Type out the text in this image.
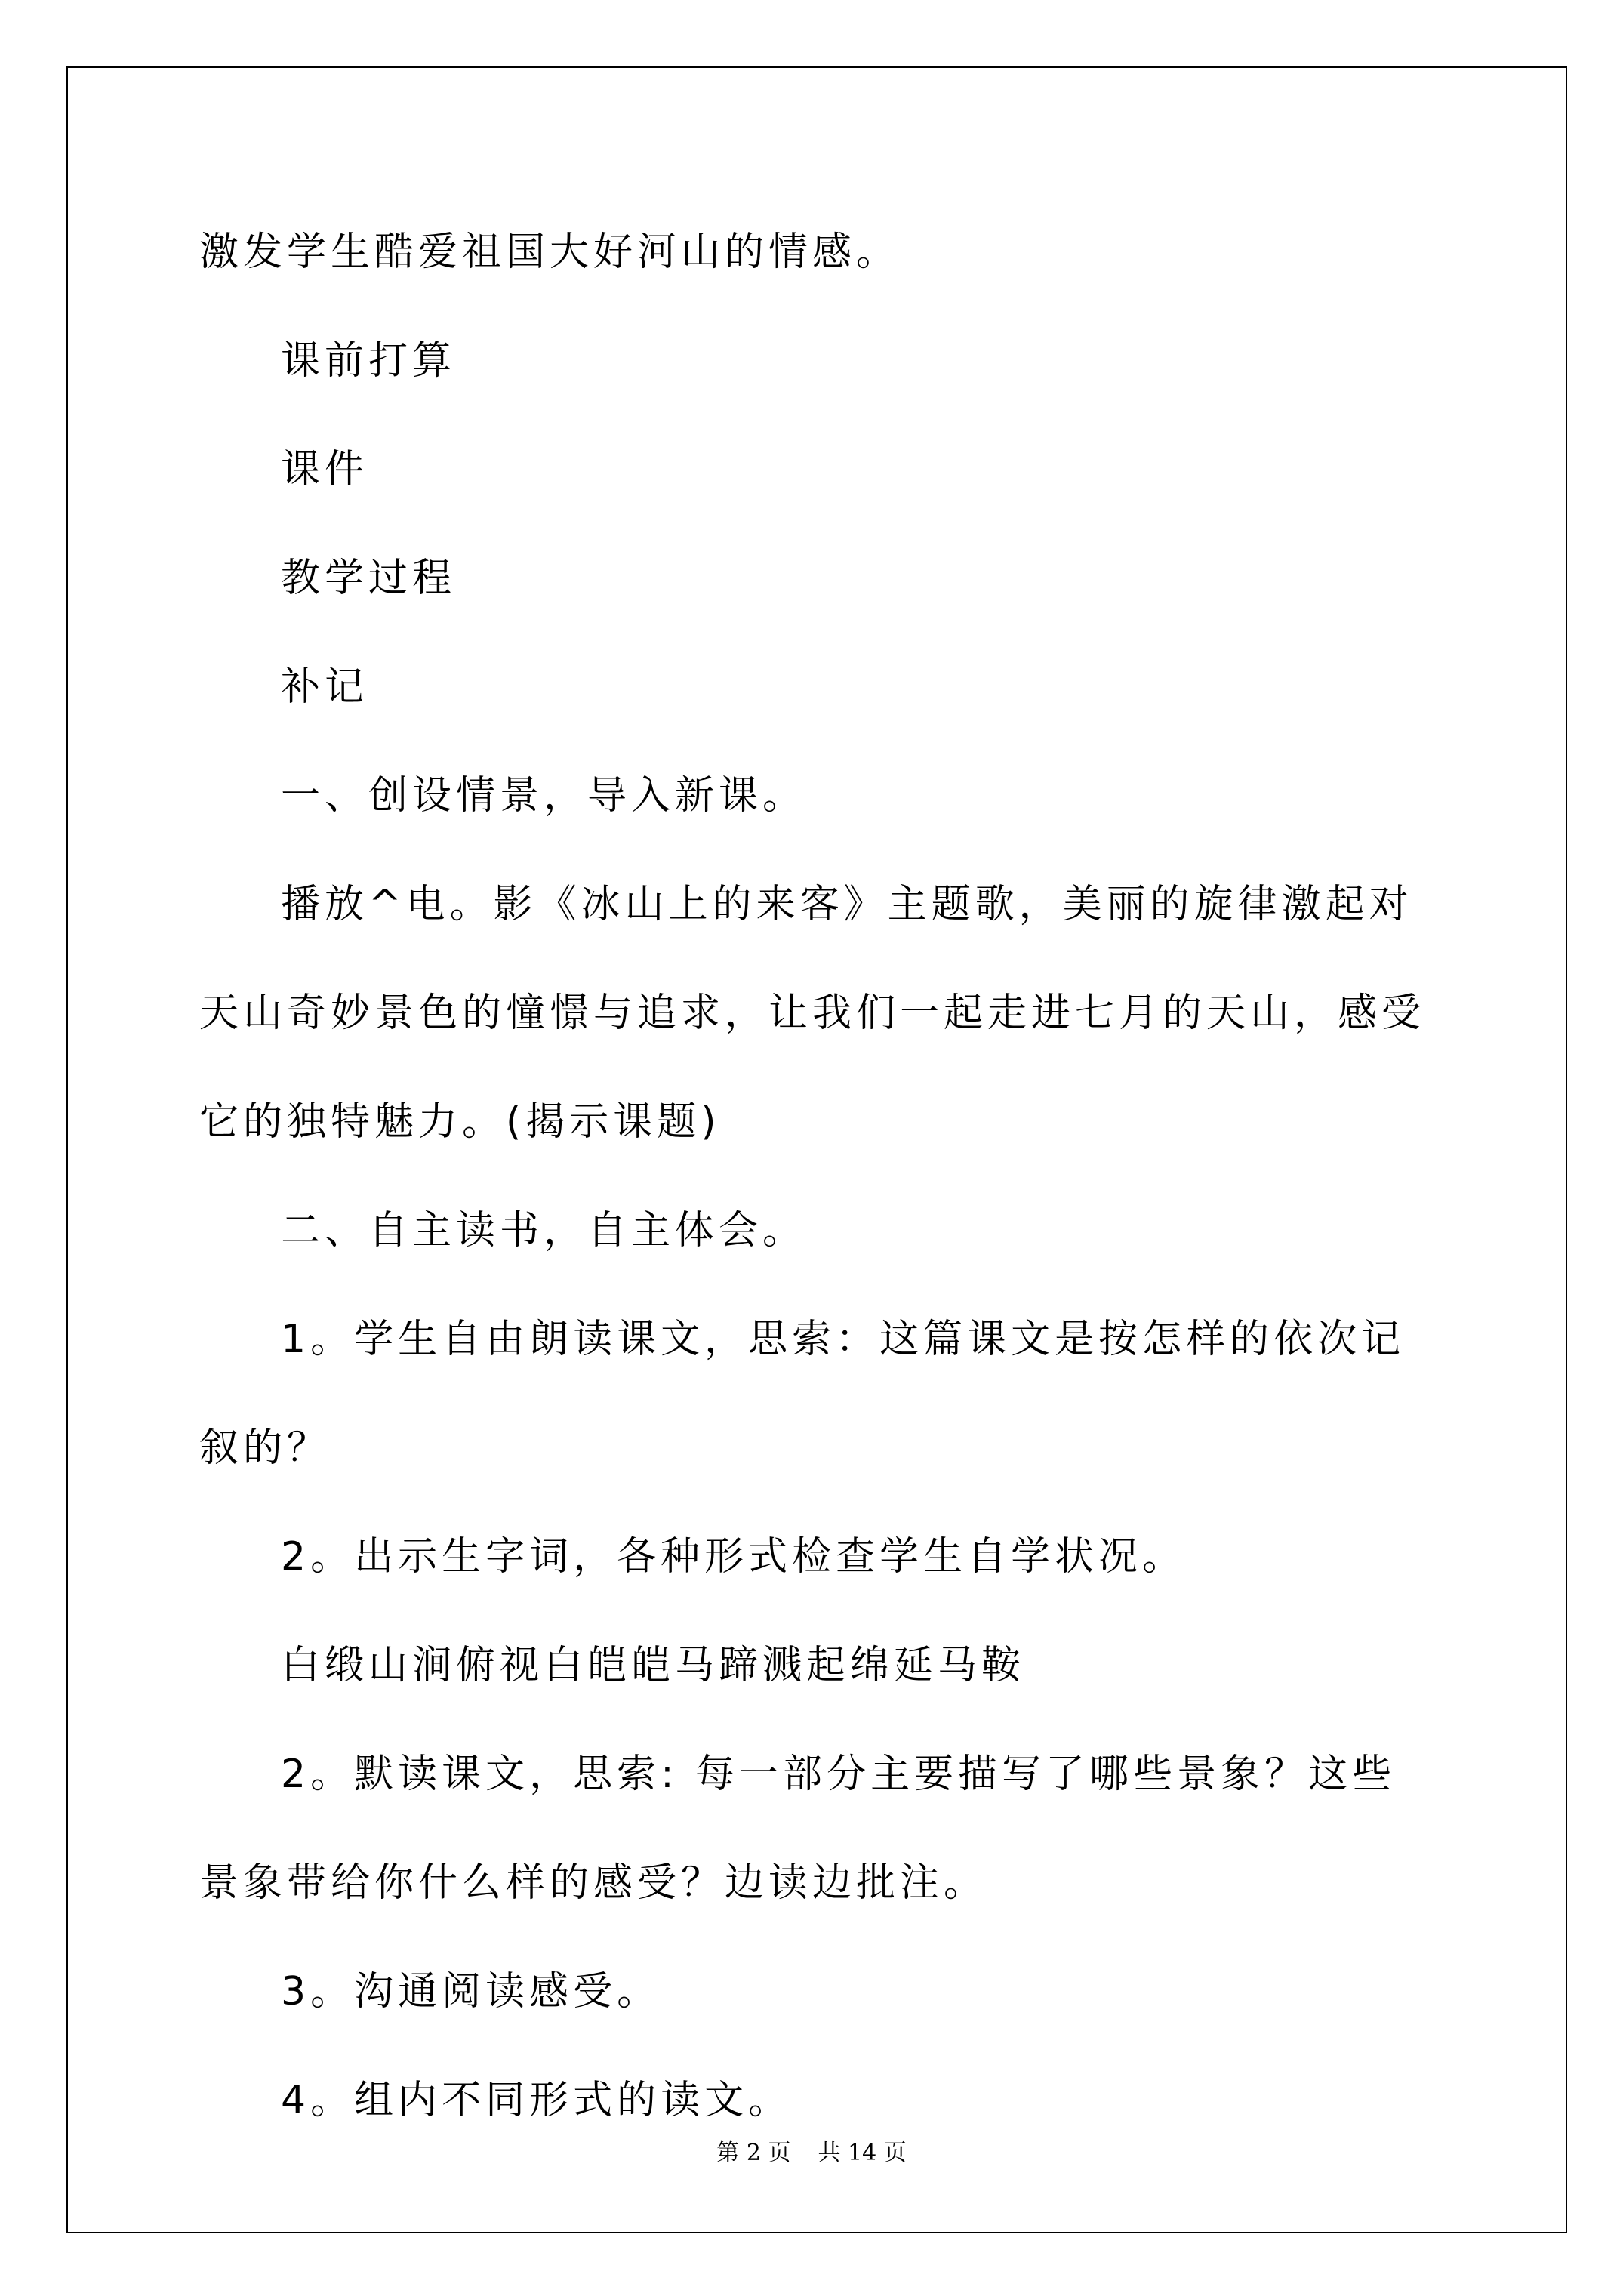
激发学生酷爱祖国大好河山的情感。

课前打算

课件

教学过程

补记

一、创设情景，导入新课。

播放^电。影《冰山上的来客》主题歌，美丽的旋律激起对天山奇妙景色的憧憬与追求，让我们一起走进七月的天山，感受它的独特魅力。(揭示课题)

二、自主读书，自主体会。

1。学生自由朗读课文，思索：这篇课文是按怎样的依次记叙的？

2。出示生字词，各种形式检查学生自学状况。

白缎山涧俯视白皑皑马蹄溅起绵延马鞍

2。默读课文，思索: 每一部分主要描写了哪些景象？这些景象带给你什么样的感受？边读边批注。

3。沟通阅读感受。

4。组内不同形式的读文。

第 2 页 共 14 页
